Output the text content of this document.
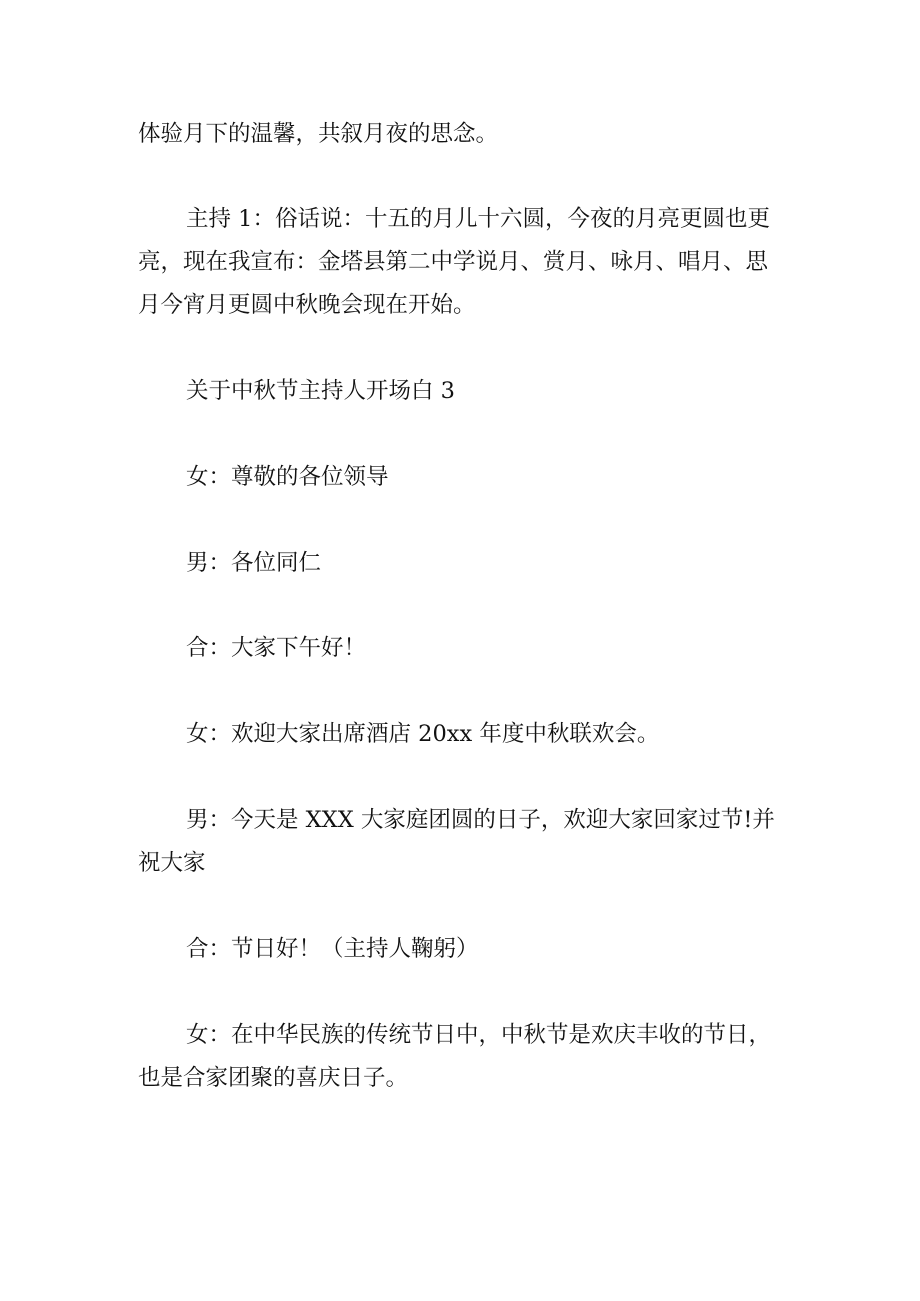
体验月下的温馨，共叙月夜的思念。

主持 1：俗话说：十五的月儿十六圆，今夜的月亮更圆也更
亮，现在我宣布：金塔县第二中学说月、赏月、咏月、唱月、思
月今宵月更圆中秋晚会现在开始。

关于中秋节主持人开场白 3

女：尊敬的各位领导

男：各位同仁

合：大家下午好！

女：欢迎大家出席酒店 20xx 年度中秋联欢会。

男：今天是 XXX 大家庭团圆的日子，欢迎大家回家过节!并
祝大家

合：节日好！（主持人鞠躬）

女：在中华民族的传统节日中，中秋节是欢庆丰收的节日，
也是合家团聚的喜庆日子。
